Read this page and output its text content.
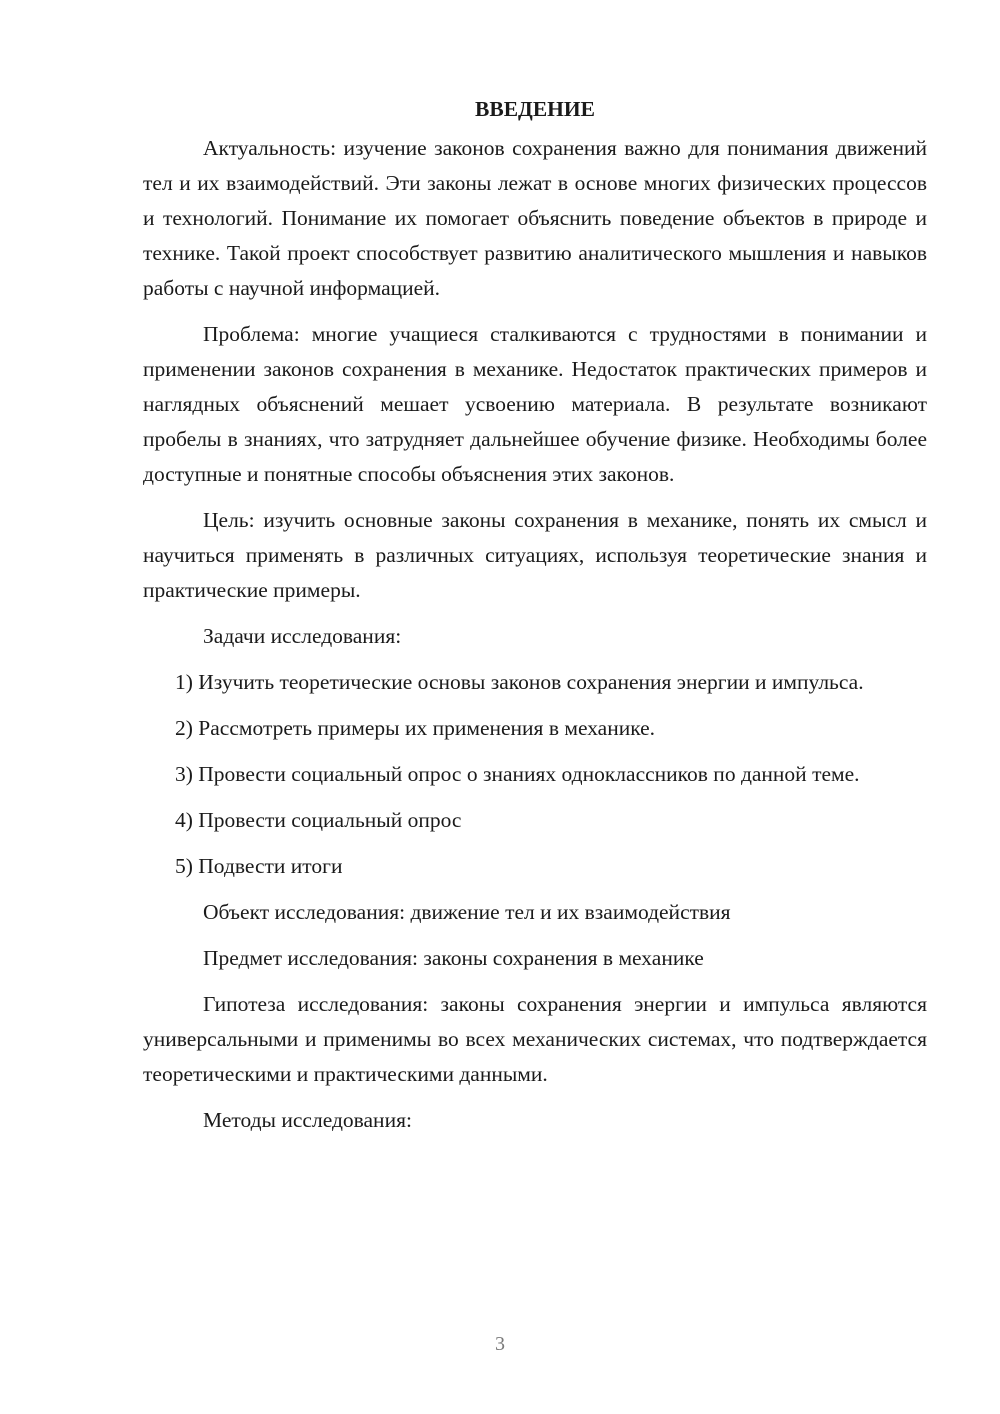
ВВЕДЕНИЕ

Актуальность: изучение законов сохранения важно для понимания движений тел и их взаимодействий. Эти законы лежат в основе многих физических процессов и технологий. Понимание их помогает объяснить поведение объектов в природе и технике. Такой проект способствует развитию аналитического мышления и навыков работы с научной информацией.

Проблема: многие учащиеся сталкиваются с трудностями в понимании и применении законов сохранения в механике. Недостаток практических примеров и наглядных объяснений мешает усвоению материала. В результате возникают пробелы в знаниях, что затрудняет дальнейшее обучение физике. Необходимы более доступные и понятные способы объяснения этих законов.

Цель: изучить основные законы сохранения в механике, понять их смысл и научиться применять в различных ситуациях, используя теоретические знания и практические примеры.

Задачи исследования:

1) Изучить теоретические основы законов сохранения энергии и импульса.

2) Рассмотреть примеры их применения в механике.

3) Провести социальный опрос о знаниях одноклассников по данной теме.

4) Провести социальный опрос

5) Подвести итоги

Объект исследования: движение тел и их взаимодействия

Предмет исследования: законы сохранения в механике

Гипотеза исследования: законы сохранения энергии и импульса являются универсальными и применимы во всех механических системах, что подтверждается теоретическими и практическими данными.

Методы исследования:

3
